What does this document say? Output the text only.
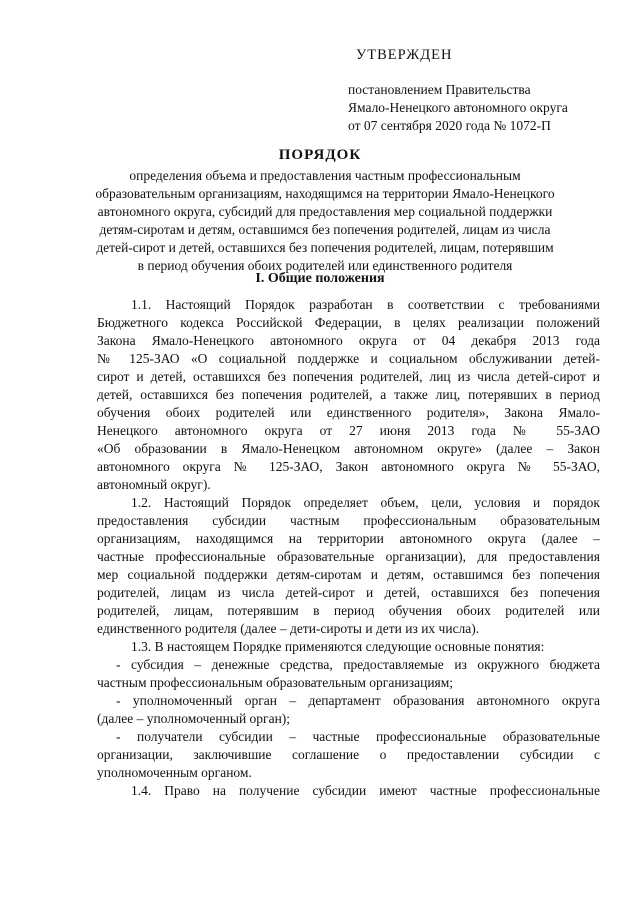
УТВЕРЖДЕН
постановлением Правительства
Ямало-Ненецкого автономного округа
от 07 сентября 2020 года № 1072-П
ПОРЯДОК
определения объема и предоставления частным профессиональным
образовательным организациям, находящимся на территории Ямало-Ненецкого
автономного округа, субсидий для предоставления мер социальной поддержки
детям-сиротам и детям, оставшимся без попечения родителей, лицам из числа
детей-сирот и детей, оставшихся без попечения родителей, лицам, потерявшим
в период обучения обоих родителей или единственного родителя
I. Общие положения
1.1. Настоящий Порядок разработан в соответствии с требованиями
Бюджетного кодекса Российской Федерации, в целях реализации положений
Закона Ямало-Ненецкого автономного округа от 04 декабря 2013 года
№ 125-ЗАО «О социальной поддержке и социальном обслуживании детей-
сирот и детей, оставшихся без попечения родителей, лиц из числа детей-сирот и
детей, оставшихся без попечения родителей, а также лиц, потерявших в период
обучения обоих родителей или единственного родителя», Закона Ямало-
Ненецкого автономного округа от 27 июня 2013 года № 55-ЗАО
«Об образовании в Ямало-Ненецком автономном округе» (далее – Закон
автономного округа № 125-ЗАО, Закон автономного округа № 55-ЗАО,
автономный округ).
1.2. Настоящий Порядок определяет объем, цели, условия и порядок
предоставления субсидии частным профессиональным образовательным
организациям, находящимся на территории автономного округа (далее –
частные профессиональные образовательные организации), для предоставления
мер социальной поддержки детям-сиротам и детям, оставшимся без попечения
родителей, лицам из числа детей-сирот и детей, оставшихся без попечения
родителей, лицам, потерявшим в период обучения обоих родителей или
единственного родителя (далее – дети-сироты и дети из их числа).
1.3. В настоящем Порядке применяются следующие основные понятия:
- субсидия – денежные средства, предоставляемые из окружного бюджета
частным профессиональным образовательным организациям;
- уполномоченный орган – департамент образования автономного округа
(далее – уполномоченный орган);
- получатели субсидии – частные профессиональные образовательные
организации, заключившие соглашение о предоставлении субсидии с
уполномоченным органом.
1.4. Право на получение субсидии имеют частные профессиональные
